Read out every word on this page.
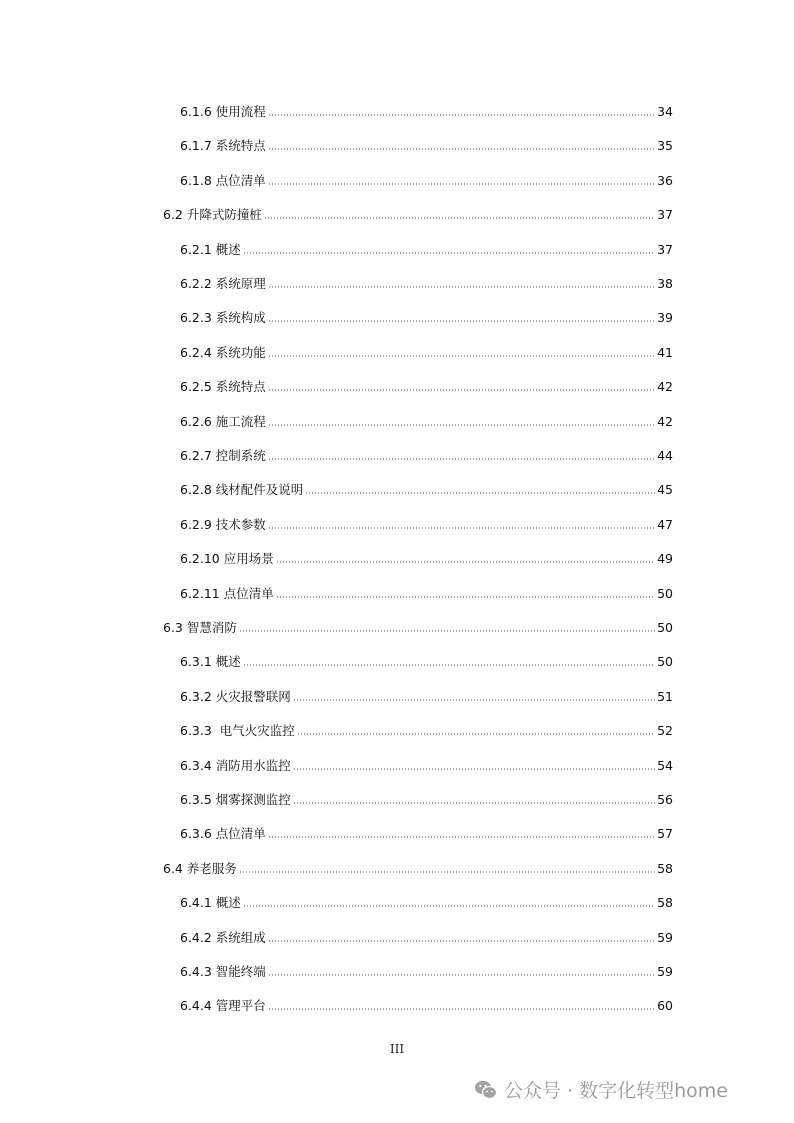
6.1.6 使用流程	34
6.1.7 系统特点	35
6.1.8 点位清单	36
6.2 升降式防撞桩	37
6.2.1 概述	37
6.2.2 系统原理	38
6.2.3 系统构成	39
6.2.4 系统功能	41
6.2.5 系统特点	42
6.2.6 施工流程	42
6.2.7 控制系统	44
6.2.8 线材配件及说明	45
6.2.9 技术参数	47
6.2.10 应用场景	49
6.2.11 点位清单	50
6.3 智慧消防	50
6.3.1 概述	50
6.3.2 火灾报警联网	51
6.3.3  电气火灾监控	52
6.3.4 消防用水监控	54
6.3.5 烟雾探测监控	56
6.3.6 点位清单	57
6.4 养老服务	58
6.4.1 概述	58
6.4.2 系统组成	59
6.4.3 智能终端	59
6.4.4 管理平台	60
III
公众号 · 数字化转型home
